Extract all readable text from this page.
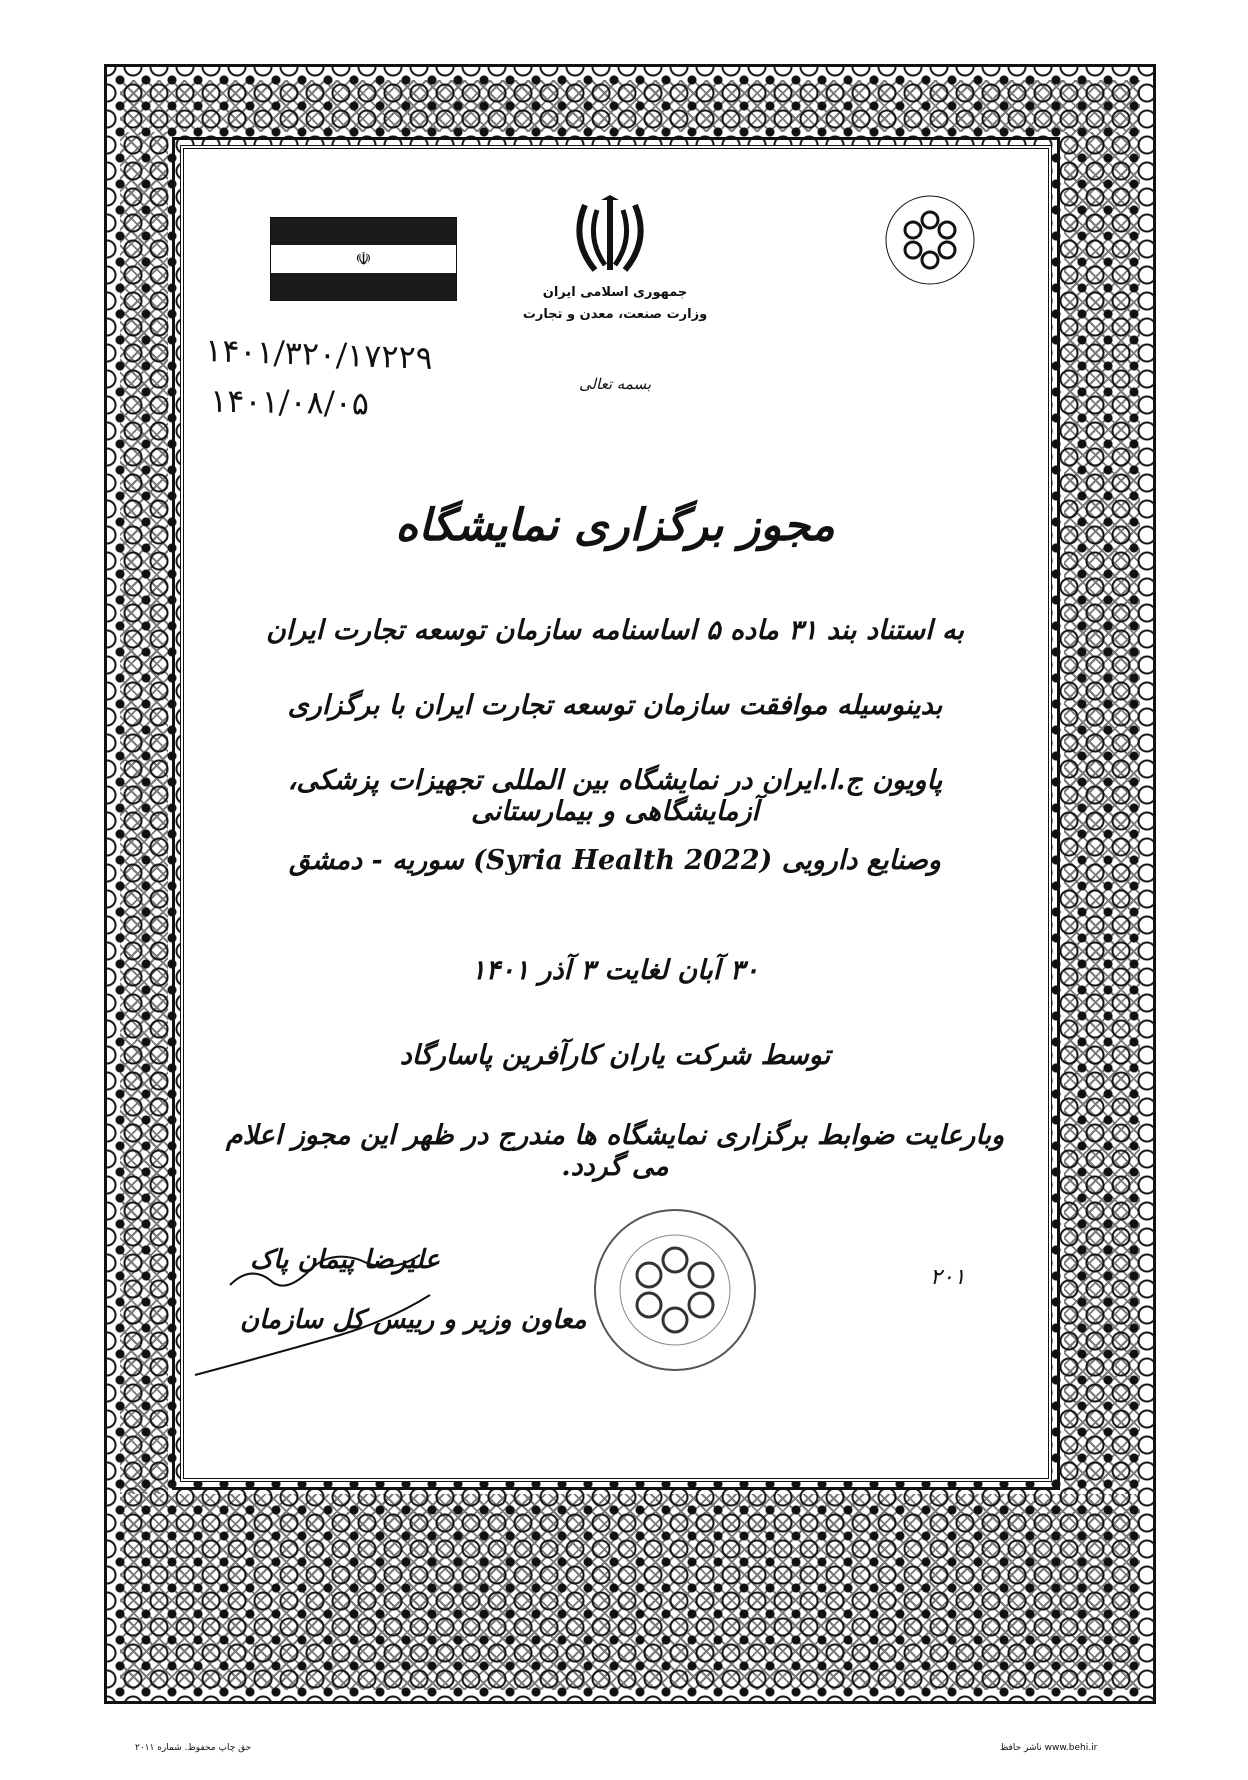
☫
جمهوری اسلامی ایران
وزارت صنعت، معدن و تجارت
۱۴۰۱/۳۲۰/۱۷۲۲۹
۱۴۰۱/۰۸/۰۵	بسمه تعالی
مجوز برگزاری نمایشگاه
به استناد بند ۳۱ ماده ۵ اساسنامه سازمان توسعه تجارت ایران
بدینوسیله موافقت سازمان توسعه تجارت ایران با برگزاری
پاویون ج.ا.ایران در نمایشگاه بین المللی تجهیزات پزشکی، آزمایشگاهی و بیمارستانی
وصنایع دارویی (Syria Health 2022) سوریه - دمشق
۳۰ آبان لغایت ۳ آذر ۱۴۰۱
توسط شرکت یاران کارآفرین پاسارگاد
وبارعایت ضوابط برگزاری نمایشگاه ها مندرج در ظهر این مجوز اعلام می گردد.
علیرضا پیمان پاک
معاون وزیر و رییس کل سازمان
۲۰۱
حق چاپ محفوظ. شماره ۲۰۱۱	www.behi.ir ناشر حافظ
